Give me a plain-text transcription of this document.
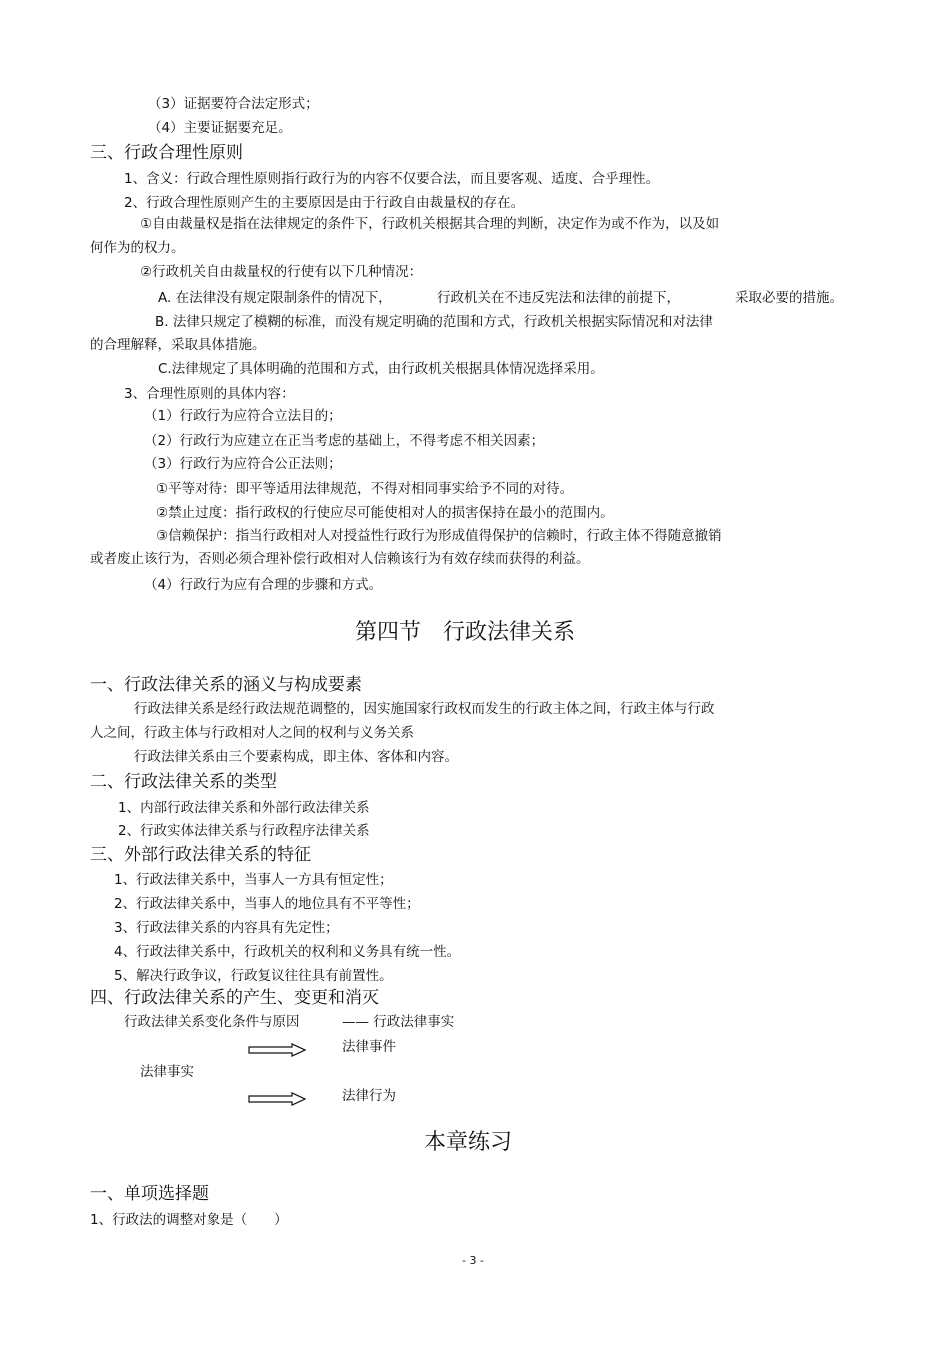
（3）证据要符合法定形式；
（4）主要证据要充足。
三、行政合理性原则
1、含义：行政合理性原则指行政行为的内容不仅要合法，而且要客观、适度、合乎理性。
2、行政合理性原则产生的主要原因是由于行政自由裁量权的存在。
①自由裁量权是指在法律规定的条件下，行政机关根据其合理的判断，决定作为或不作为，以及如
何作为的权力。
②行政机关自由裁量权的行使有以下几种情况：
A. 在法律没有规定限制条件的情况下，	行政机关在不违反宪法和法律的前提下，	采取必要的措施。
B. 法律只规定了模糊的标准，而没有规定明确的范围和方式，行政机关根据实际情况和对法律
的合理解释，采取具体措施。
C.法律规定了具体明确的范围和方式，由行政机关根据具体情况选择采用。
3、合理性原则的具体内容：
（1）行政行为应符合立法目的；
（2）行政行为应建立在正当考虑的基础上，不得考虑不相关因素；
（3）行政行为应符合公正法则；
①平等对待：即平等适用法律规范，不得对相同事实给予不同的对待。
②禁止过度：指行政权的行使应尽可能使相对人的损害保持在最小的范围内。
③信赖保护：指当行政相对人对授益性行政行为形成值得保护的信赖时，行政主体不得随意撤销
或者废止该行为，否则必须合理补偿行政相对人信赖该行为有效存续而获得的利益。
（4）行政行为应有合理的步骤和方式。
第四节　行政法律关系
一、行政法律关系的涵义与构成要素
行政法律关系是经行政法规范调整的，因实施国家行政权而发生的行政主体之间，行政主体与行政
人之间，行政主体与行政相对人之间的权利与义务关系
行政法律关系由三个要素构成，即主体、客体和内容。
二、行政法律关系的类型
1、内部行政法律关系和外部行政法律关系
2、行政实体法律关系与行政程序法律关系
三、外部行政法律关系的特征
1、行政法律关系中，当事人一方具有恒定性；
2、行政法律关系中，当事人的地位具有不平等性；
3、行政法律关系的内容具有先定性；
4、行政法律关系中，行政机关的权利和义务具有统一性。
5、解决行政争议，行政复议往往具有前置性。
四、行政法律关系的产生、变更和消灭
行政法律关系变化条件与原因	—— 行政法律事实
法律事件
法律事实
法律行为
本章练习
一、单项选择题
1、行政法的调整对象是（　　）
- 3 -
